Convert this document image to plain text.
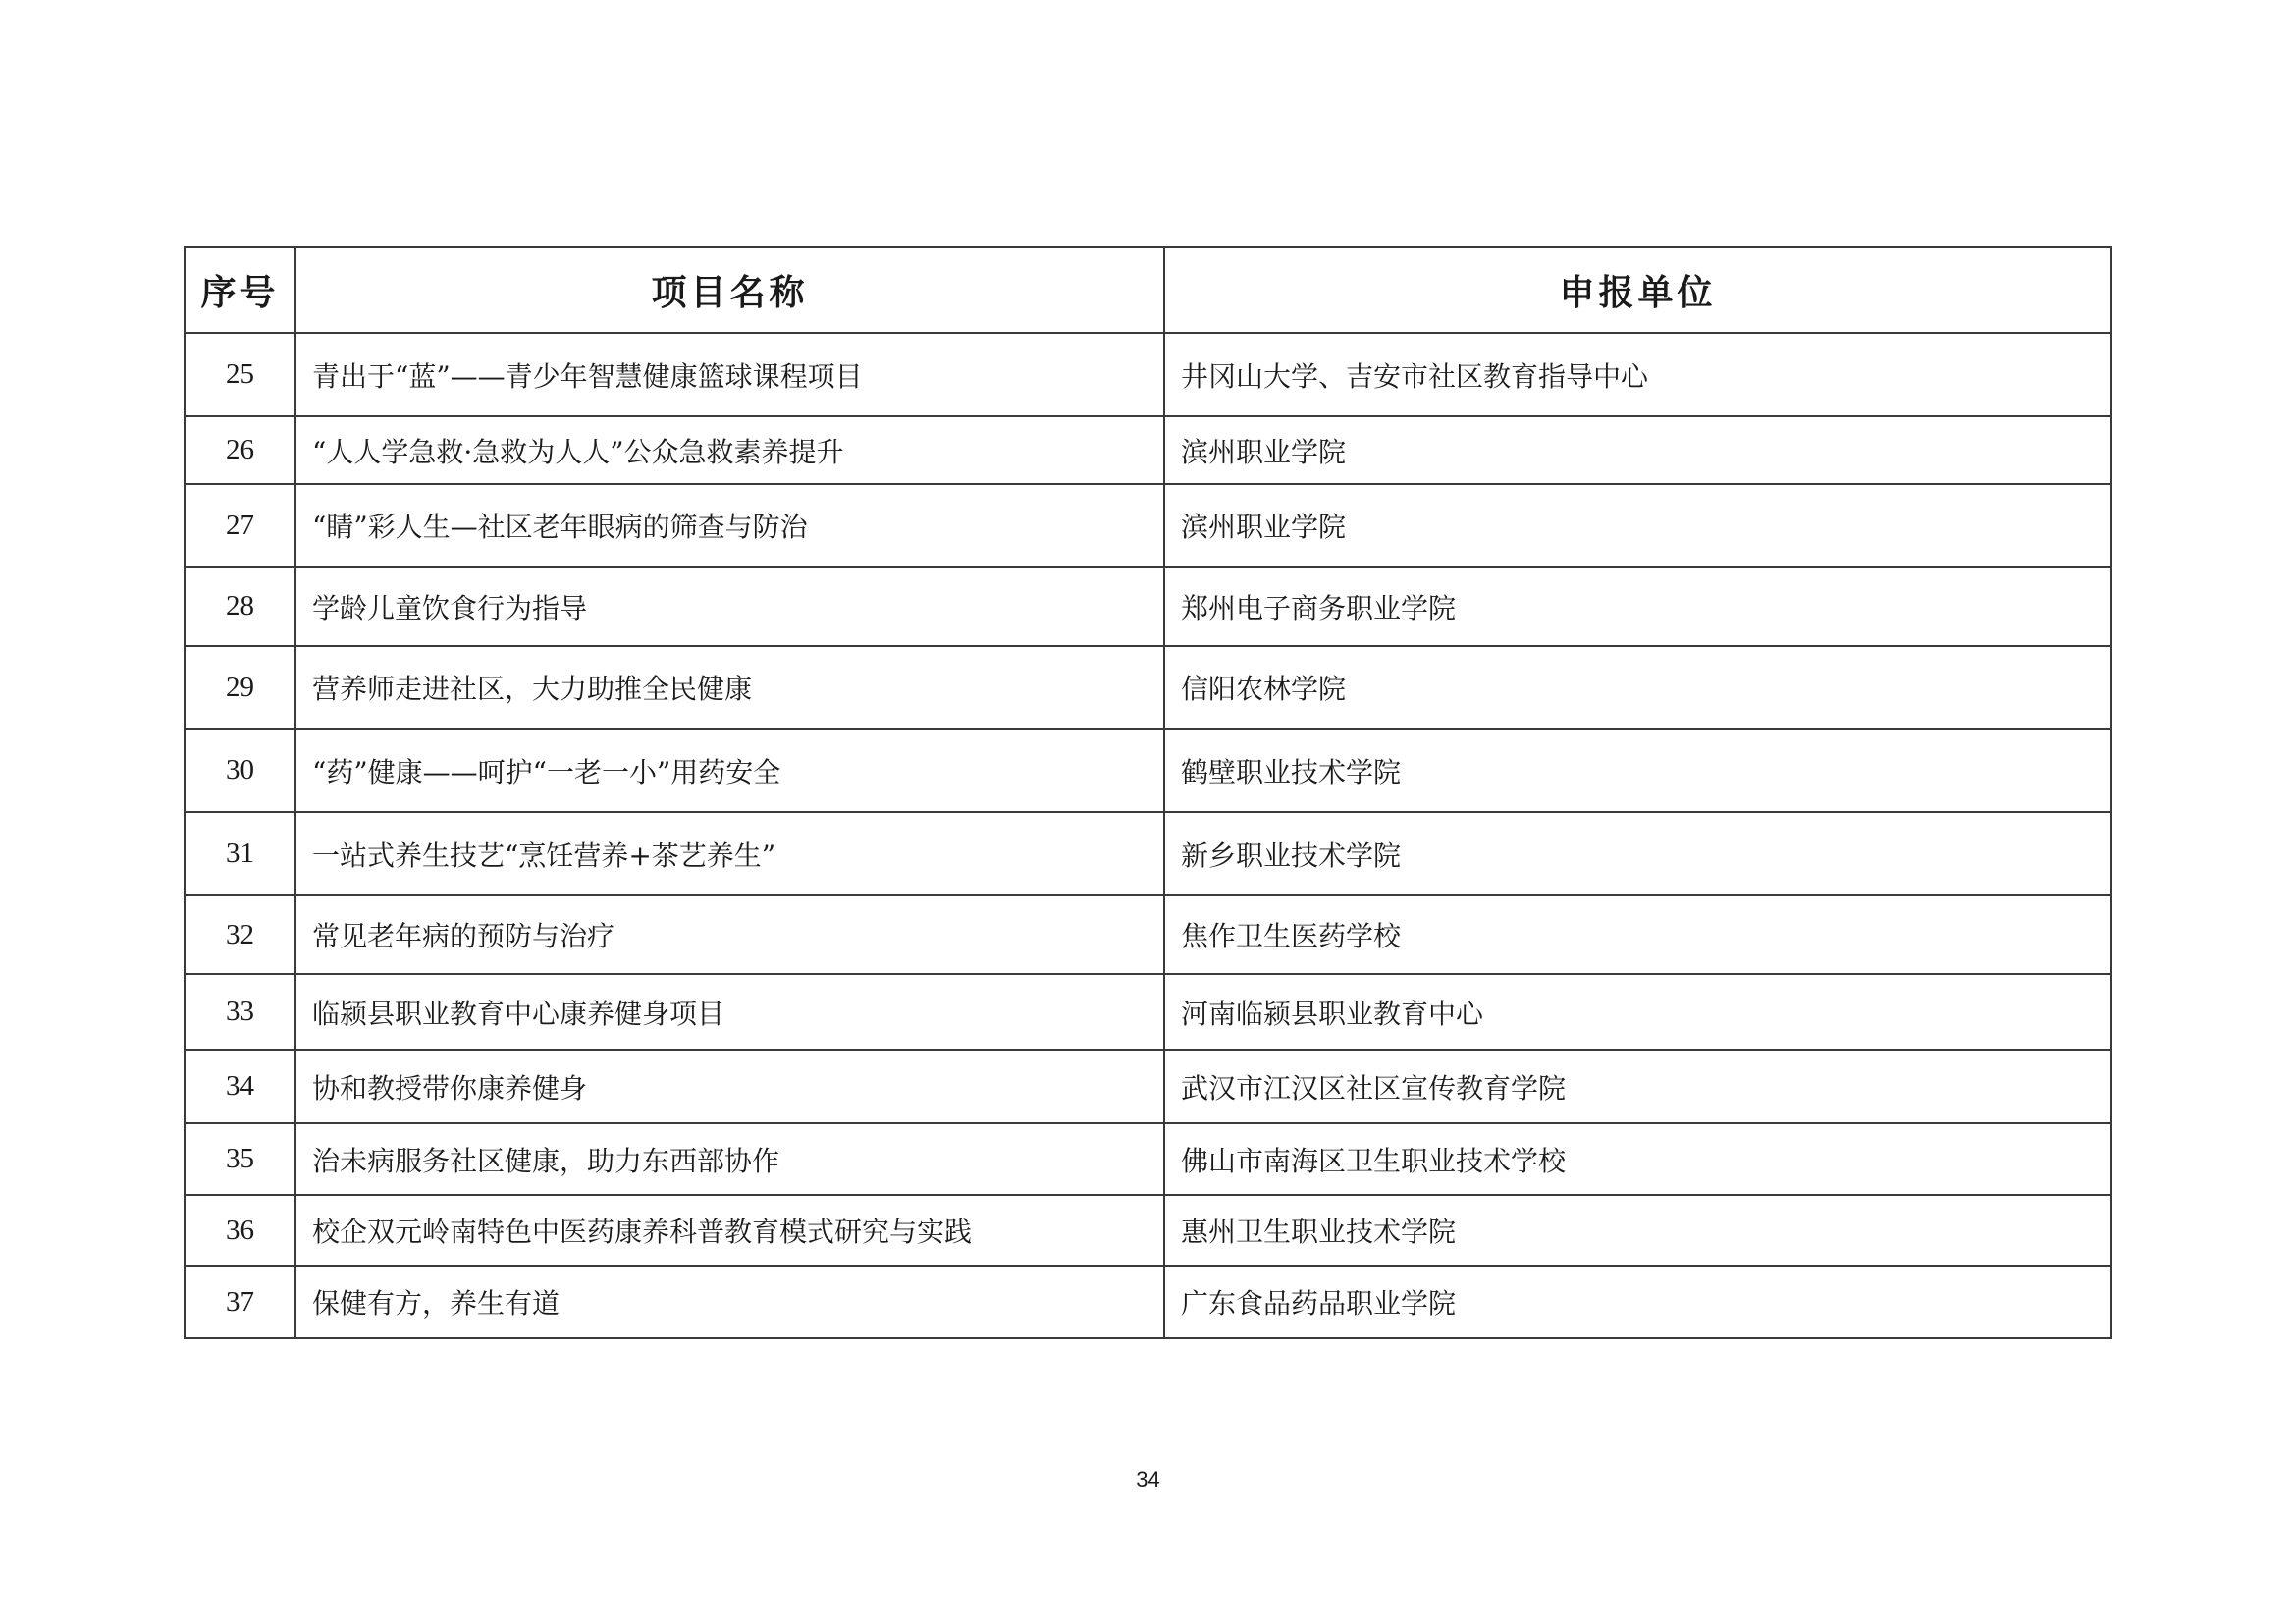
序号	项目名称	申报单位
25	青出于“蓝”——青少年智慧健康篮球课程项目	井冈山大学、吉安市社区教育指导中心
26	“人人学急救·急救为人人”公众急救素养提升	滨州职业学院
27	“睛”彩人生—社区老年眼病的筛查与防治	滨州职业学院
28	学龄儿童饮食行为指导	郑州电子商务职业学院
29	营养师走进社区，大力助推全民健康	信阳农林学院
30	“药”健康——呵护“一老一小”用药安全	鹤壁职业技术学院
31	一站式养生技艺“烹饪营养+茶艺养生”	新乡职业技术学院
32	常见老年病的预防与治疗	焦作卫生医药学校
33	临颍县职业教育中心康养健身项目	河南临颍县职业教育中心
34	协和教授带你康养健身	武汉市江汉区社区宣传教育学院
35	治未病服务社区健康，助力东西部协作	佛山市南海区卫生职业技术学校
36	校企双元岭南特色中医药康养科普教育模式研究与实践	惠州卫生职业技术学院
37	保健有方，养生有道	广东食品药品职业学院
34
